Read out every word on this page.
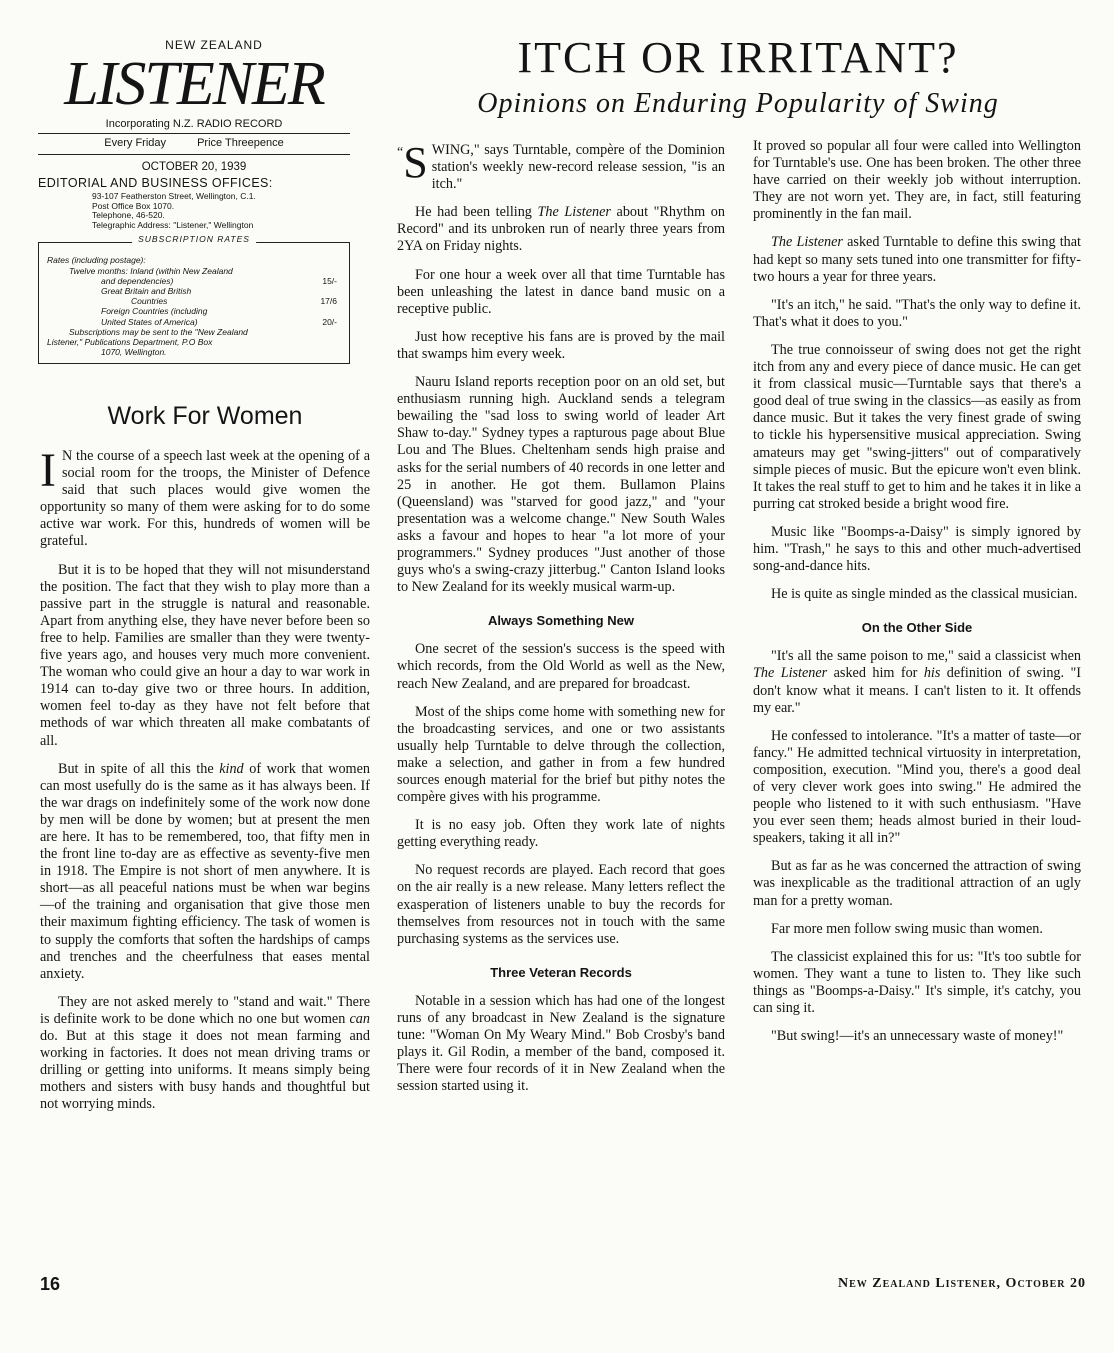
NEW ZEALAND
LISTENER
Incorporating N.Z. RADIO RECORD
Every Friday	Price Threepence
OCTOBER 20, 1939
EDITORIAL AND BUSINESS OFFICES:
93-107 Featherston Street, Wellington, C.1.
Post Office Box 1070.
Telephone, 46-520.
Telegraphic Address: "Listener," Wellington
SUBSCRIPTION RATES
Rates (including postage):
Twelve months: Inland (within New Zealand
and dependencies)	15/-
Great Britain and British
Countries	17/6
Foreign Countries (including
United States of America)	20/-
Subscriptions may be sent to the "New Zealand
Listener," Publications Department, P.O Box
1070, Wellington.
ITCH OR IRRITANT?
Opinions on Enduring Popularity of Swing
Work For Women

I N the course of a speech last week at the opening of a social room for the troops, the Minister of Defence said that such places would give women the opportunity so many of them were asking for to do some active war work. For this, hundreds of women will be grateful.

But it is to be hoped that they will not misunderstand the position. The fact that they wish to play more than a passive part in the struggle is natural and reasonable. Apart from anything else, they have never before been so free to help. Families are smaller than they were twenty-five years ago, and houses very much more convenient. The woman who could give an hour a day to war work in 1914 can to-day give two or three hours. In addition, women feel to-day as they have not felt before that methods of war which threaten all make combatants of all.

But in spite of all this the kind of work that women can most usefully do is the same as it has always been. If the war drags on indefinitely some of the work now done by men will be done by women; but at present the men are here. It has to be remembered, too, that fifty men in the front line to-day are as effective as seventy-five men in 1918. The Empire is not short of men anywhere. It is short—as all peaceful nations must be when war begins—of the training and organisation that give those men their maximum fighting efficiency. The task of women is to supply the comforts that soften the hardships of camps and trenches and the cheerfulness that eases mental anxiety.

They are not asked merely to "stand and wait." There is definite work to be done which no one but women can do. But at this stage it does not mean farming and working in factories. It does not mean driving trams or drilling or getting into uniforms. It means simply being mothers and sisters with busy hands and thoughtful but not worrying minds.

“ S WING," says Turntable, compère of the Dominion station's weekly new-record release session, "is an itch."

He had been telling The Listener about "Rhythm on Record" and its unbroken run of nearly three years from 2YA on Friday nights.

For one hour a week over all that time Turntable has been unleashing the latest in dance band music on a receptive public.

Just how receptive his fans are is proved by the mail that swamps him every week.

Nauru Island reports reception poor on an old set, but enthusiasm running high. Auckland sends a telegram bewailing the "sad loss to swing world of leader Art Shaw to-day." Sydney types a rapturous page about Blue Lou and The Blues. Cheltenham sends high praise and asks for the serial numbers of 40 records in one letter and 25 in another. He got them. Bullamon Plains (Queensland) was "starved for good jazz," and "your presentation was a welcome change." New South Wales asks a favour and hopes to hear "a lot more of your programmers." Sydney produces "Just another of those guys who's a swing-crazy jitterbug." Canton Island looks to New Zealand for its weekly musical warm-up.

Always Something New

One secret of the session's success is the speed with which records, from the Old World as well as the New, reach New Zealand, and are prepared for broadcast.

Most of the ships come home with something new for the broadcasting services, and one or two assistants usually help Turntable to delve through the collection, make a selection, and gather in from a few hundred sources enough material for the brief but pithy notes the compère gives with his programme.

It is no easy job. Often they work late of nights getting everything ready.

No request records are played. Each record that goes on the air really is a new release. Many letters reflect the exasperation of listeners unable to buy the records for themselves from resources not in touch with the same purchasing systems as the services use.

Three Veteran Records

Notable in a session which has had one of the longest runs of any broadcast in New Zealand is the signature tune: "Woman On My Weary Mind." Bob Crosby's band plays it. Gil Rodin, a member of the band, composed it. There were four records of it in New Zealand when the session started using it.

It proved so popular all four were called into Wellington for Turntable's use. One has been broken. The other three have carried on their weekly job without interruption. They are not worn yet. They are, in fact, still featuring prominently in the fan mail.

The Listener asked Turntable to define this swing that had kept so many sets tuned into one transmitter for fifty-two hours a year for three years.

"It's an itch," he said. "That's the only way to define it. That's what it does to you."

The true connoisseur of swing does not get the right itch from any and every piece of dance music. He can get it from classical music—Turntable says that there's a good deal of true swing in the classics—as easily as from dance music. But it takes the very finest grade of swing to tickle his hypersensitive musical appreciation. Swing amateurs may get "swing-jitters" out of comparatively simple pieces of music. But the epicure won't even blink. It takes the real stuff to get to him and he takes it in like a purring cat stroked beside a bright wood fire.

Music like "Boomps-a-Daisy" is simply ignored by him. "Trash," he says to this and other much-advertised song-and-dance hits.

He is quite as single minded as the classical musician.

On the Other Side

"It's all the same poison to me," said a classicist when The Listener asked him for his definition of swing. "I don't know what it means. I can't listen to it. It offends my ear."

He confessed to intolerance. "It's a matter of taste—or fancy." He admitted technical virtuosity in interpretation, composition, execution. "Mind you, there's a good deal of very clever work goes into swing." He admired the people who listened to it with such enthusiasm. "Have you ever seen them; heads almost buried in their loud-speakers, taking it all in?"

But as far as he was concerned the attraction of swing was inexplicable as the traditional attraction of an ugly man for a pretty woman.

Far more men follow swing music than women.

The classicist explained this for us: "It's too subtle for women. They want a tune to listen to. They like such things as "Boomps-a-Daisy." It's simple, it's catchy, you can sing it.

"But swing!—it's an unnecessary waste of money!"

16	New Zealand Listener, October 20
